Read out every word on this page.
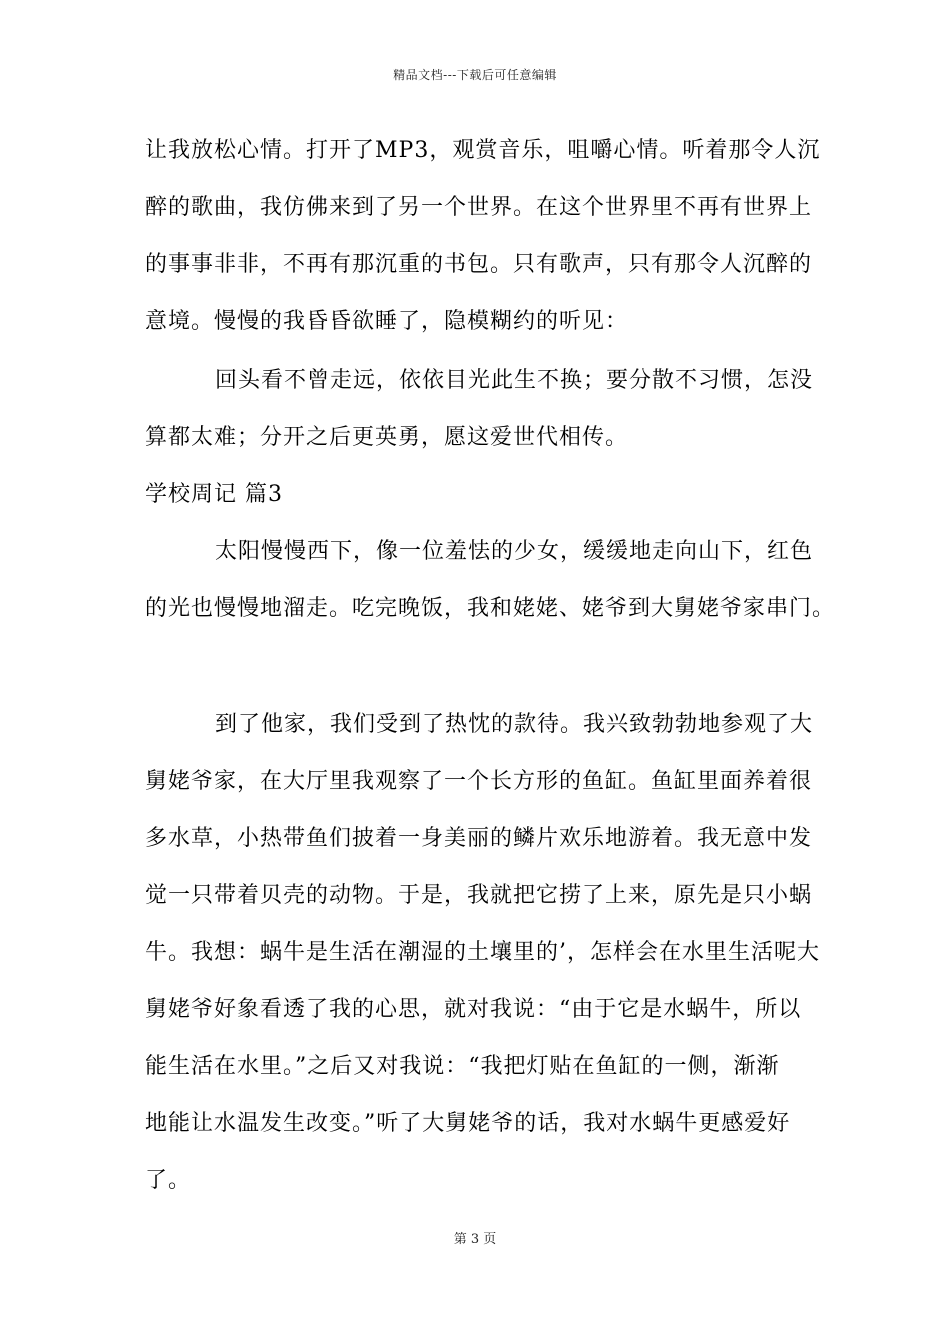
精品文档---下载后可任意编辑
让我放松心情。打开了MP3，观赏音乐，咀嚼心情。听着那令人沉
醉的歌曲，我仿佛来到了另一个世界。在这个世界里不再有世界上
的事事非非，不再有那沉重的书包。只有歌声，只有那令人沉醉的
意境。慢慢的我昏昏欲睡了，隐模糊约的听见：
回头看不曾走远，依依目光此生不换；要分散不习惯，怎没
算都太难；分开之后更英勇，愿这爱世代相传。
学校周记 篇3
太阳慢慢西下，像一位羞怯的少女，缓缓地走向山下，红色
的光也慢慢地溜走。吃完晚饭，我和姥姥、姥爷到大舅姥爷家串门。
到了他家，我们受到了热忱的款待。我兴致勃勃地参观了大
舅姥爷家，在大厅里我观察了一个长方形的鱼缸。鱼缸里面养着很
多水草，小热带鱼们披着一身美丽的鳞片欢乐地游着。我无意中发
觉一只带着贝壳的动物。于是，我就把它捞了上来，原先是只小蜗
牛。我想：蜗牛是生活在潮湿的土壤里的’，怎样会在水里生活呢大
舅姥爷好象看透了我的心思，就对我说：“由于它是水蜗牛，所以
能生活在水里。”之后又对我说：“我把灯贴在鱼缸的一侧，渐渐
地能让水温发生改变。”听了大舅姥爷的话，我对水蜗牛更感爱好
了。
第 3 页
